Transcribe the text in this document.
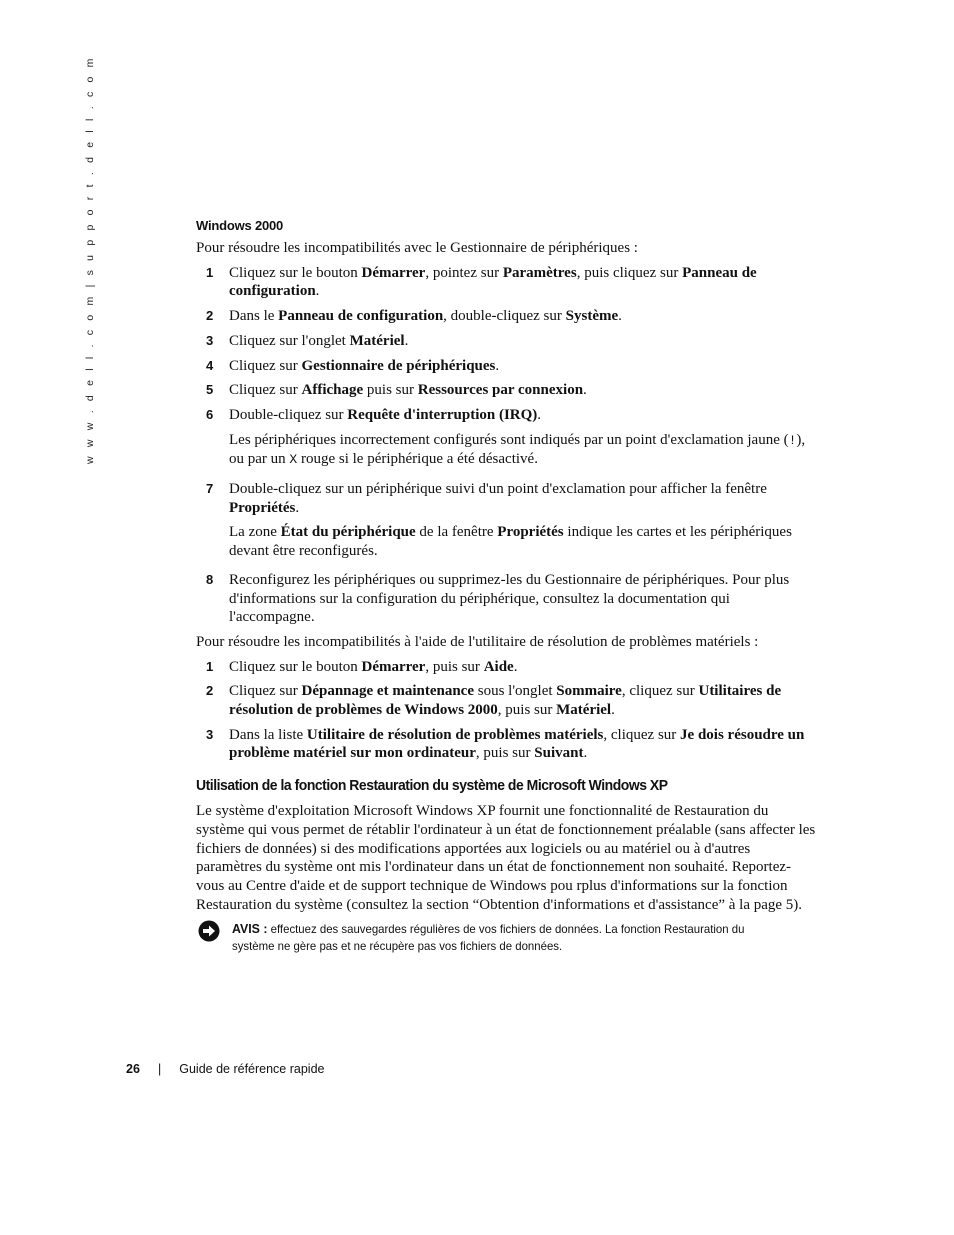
w w w . d e l l . c o m | s u p p o r t . d e l l . c o m	Windows 2000

Pour résoudre les incompatibilités avec le Gestionnaire de périphériques :

1	Cliquez sur le bouton Démarrer, pointez sur Paramètres, puis cliquez sur Panneau de configuration.
2	Dans le Panneau de configuration, double-cliquez sur Système.
3	Cliquez sur l'onglet Matériel.
4	Cliquez sur Gestionnaire de périphériques.
5	Cliquez sur Affichage puis sur Ressources par connexion.
6	Double-cliquez sur Requête d'interruption (IRQ).
Les périphériques incorrectement configurés sont indiqués par un point d'exclamation jaune (!), ou par un X rouge si le périphérique a été désactivé.
7	Double-cliquez sur un périphérique suivi d'un point d'exclamation pour afficher la fenêtre Propriétés.
La zone État du périphérique de la fenêtre Propriétés indique les cartes et les périphériques devant être reconfigurés.
8	Reconfigurez les périphériques ou supprimez-les du Gestionnaire de périphériques. Pour plus d'informations sur la configuration du périphérique, consultez la documentation qui l'accompagne.

Pour résoudre les incompatibilités à l'aide de l'utilitaire de résolution de problèmes matériels :

1	Cliquez sur le bouton Démarrer, puis sur Aide.
2	Cliquez sur Dépannage et maintenance sous l'onglet Sommaire, cliquez sur Utilitaires de résolution de problèmes de Windows 2000, puis sur Matériel.
3	Dans la liste Utilitaire de résolution de problèmes matériels, cliquez sur Je dois résoudre un problème matériel sur mon ordinateur, puis sur Suivant.
Utilisation de la fonction Restauration du système de Microsoft Windows XP

Le système d'exploitation Microsoft Windows XP fournit une fonctionnalité de Restauration du système qui vous permet de rétablir l'ordinateur à un état de fonctionnement préalable (sans affecter les fichiers de données) si des modifications apportées aux logiciels ou au matériel ou à d'autres paramètres du système ont mis l'ordinateur dans un état de fonctionnement non souhaité. Reportez-vous au Centre d'aide et de support technique de Windows pou rplus d'informations sur la fonction Restauration du système (consultez la section “Obtention d'informations et d'assistance” à la page 5).

AVIS : effectuez des sauvegardes régulières de vos fichiers de données. La fonction Restauration du système ne gère pas et ne récupère pas vos fichiers de données.
26	| Guide de référence rapide
